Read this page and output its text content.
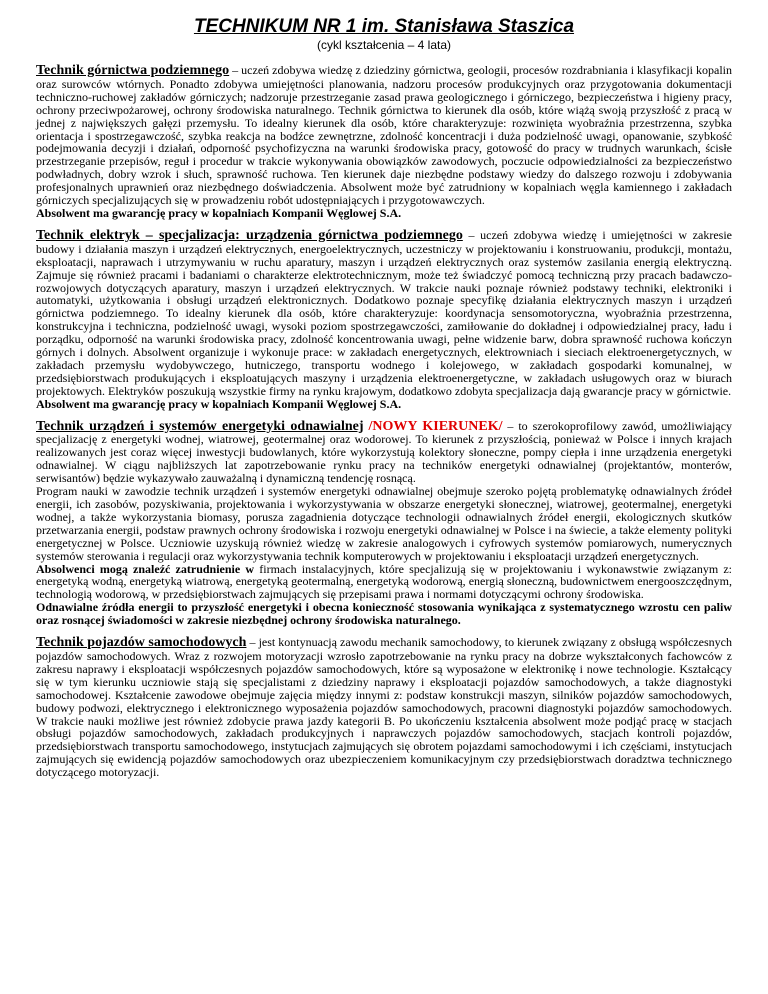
TECHNIKUM NR 1 im. Stanisława Staszica
(cykl kształcenia – 4 lata)

Technik górnictwa podziemnego – uczeń zdobywa wiedzę z dziedziny górnictwa, geologii, procesów rozdrabniania i klasyfikacji kopalin oraz surowców wtórnych. Ponadto zdobywa umiejętności planowania, nadzoru procesów produkcyjnych oraz przygotowania dokumentacji techniczno-ruchowej zakładów górniczych; nadzoruje przestrzeganie zasad prawa geologicznego i górniczego, bezpieczeństwa i higieny pracy, ochrony przeciwpożarowej, ochrony środowiska naturalnego. Technik górnictwa to kierunek dla osób, które wiążą swoją przyszłość z pracą w jednej z największych gałęzi przemysłu. To idealny kierunek dla osób, które charakteryzuje: rozwinięta wyobraźnia przestrzenna, szybka orientacja i spostrzegawczość, szybka reakcja na bodźce zewnętrzne, zdolność koncentracji i duża podzielność uwagi, opanowanie, szybkość podejmowania decyzji i działań, odporność psychofizyczna na warunki środowiska pracy, gotowość do pracy w trudnych warunkach, ścisłe przestrzeganie przepisów, reguł i procedur w trakcie wykonywania obowiązków zawodowych, poczucie odpowiedzialności za bezpieczeństwo podwładnych, dobry wzrok i słuch, sprawność ruchowa. Ten kierunek daje niezbędne podstawy wiedzy do dalszego rozwoju i zdobywania profesjonalnych uprawnień oraz niezbędnego doświadczenia. Absolwent może być zatrudniony w kopalniach węgla kamiennego i zakładach górniczych specjalizujących się w prowadzeniu robót udostępniających i przygotowawczych.

Absolwent ma gwarancję pracy w kopalniach Kompanii Węglowej S.A.

Technik elektryk – specjalizacja: urządzenia górnictwa podziemnego – uczeń zdobywa wiedzę i umiejętności w zakresie budowy i działania maszyn i urządzeń elektrycznych, energoelektrycznych, uczestniczy w projektowaniu i konstruowaniu, produkcji, montażu, eksploatacji, naprawach i utrzymywaniu w ruchu aparatury, maszyn i urządzeń elektrycznych oraz systemów zasilania energią elektryczną. Zajmuje się również pracami i badaniami o charakterze elektrotechnicznym, może też świadczyć pomocą techniczną przy pracach badawczo-rozwojowych dotyczących aparatury, maszyn i urządzeń elektrycznych. W trakcie nauki poznaje również podstawy techniki, elektroniki i automatyki, użytkowania i obsługi urządzeń elektronicznych. Dodatkowo poznaje specyfikę działania elektrycznych maszyn i urządzeń górnictwa podziemnego. To idealny kierunek dla osób, które charakteryzuje: koordynacja sensomotoryczna, wyobraźnia przestrzenna, konstrukcyjna i techniczna, podzielność uwagi, wysoki poziom spostrzegawczości, zamiłowanie do dokładnej i odpowiedzialnej pracy, ładu i porządku, odporność na warunki środowiska pracy, zdolność koncentrowania uwagi, pełne widzenie barw, dobra sprawność ruchowa kończyn górnych i dolnych. Absolwent organizuje i wykonuje prace: w zakładach energetycznych, elektrowniach i sieciach elektroenergetycznych, w zakładach przemysłu wydobywczego, hutniczego, transportu wodnego i kolejowego, w zakładach gospodarki komunalnej, w przedsiębiorstwach produkujących i eksploatujących maszyny i urządzenia elektroenergetyczne, w zakładach usługowych oraz w biurach projektowych. Elektryków poszukują wszystkie firmy na rynku krajowym, dodatkowo zdobyta specjalizacja dają gwarancje pracy w górnictwie.

Absolwent ma gwarancję pracy w kopalniach Kompanii Węglowej S.A.

Technik urządzeń i systemów energetyki odnawialnej /NOWY KIERUNEK/ – to szerokoprofilowy zawód, umożliwiający specjalizację z energetyki wodnej, wiatrowej, geotermalnej oraz wodorowej. To kierunek z przyszłością, ponieważ w Polsce i innych krajach realizowanych jest coraz więcej inwestycji budowlanych, które wykorzystują kolektory słoneczne, pompy ciepła i inne urządzenia energetyki odnawialnej. W ciągu najbliższych lat zapotrzebowanie rynku pracy na techników energetyki odnawialnej (projektantów, monterów, serwisantów) będzie wykazywało zauważalną i dynamiczną tendencję rosnącą.

Program nauki w zawodzie technik urządzeń i systemów energetyki odnawialnej obejmuje szeroko pojętą problematykę odnawialnych źródeł energii, ich zasobów, pozyskiwania, projektowania i wykorzystywania w obszarze energetyki słonecznej, wiatrowej, geotermalnej, energetyki wodnej, a także wykorzystania biomasy, porusza zagadnienia dotyczące technologii odnawialnych źródeł energii, ekologicznych skutków przetwarzania energii, podstaw prawnych ochrony środowiska i rozwoju energetyki odnawialnej w Polsce i na świecie, a także elementy polityki energetycznej w Polsce. Uczniowie uzyskują również wiedzę w zakresie analogowych i cyfrowych systemów pomiarowych, numerycznych systemów sterowania i regulacji oraz wykorzystywania technik komputerowych w projektowaniu i eksploatacji urządzeń energetycznych.

Absolwenci mogą znaleźć zatrudnienie w firmach instalacyjnych, które specjalizują się w projektowaniu i wykonawstwie związanym z: energetyką wodną, energetyką wiatrową, energetyką geotermalną, energetyką wodorową, energią słoneczną, budownictwem energooszczędnym, technologią wodorową, w przedsiębiorstwach zajmujących się przepisami prawa i normami dotyczącymi ochrony środowiska.

Odnawialne źródła energii to przyszłość energetyki i obecna konieczność stosowania wynikająca z systematycznego wzrostu cen paliw oraz rosnącej świadomości w zakresie niezbędnej ochrony środowiska naturalnego.

Technik pojazdów samochodowych – jest kontynuacją zawodu mechanik samochodowy, to kierunek związany z obsługą współczesnych pojazdów samochodowych. Wraz z rozwojem motoryzacji wzrosło zapotrzebowanie na rynku pracy na dobrze wykształconych fachowców z zakresu naprawy i eksploatacji współczesnych pojazdów samochodowych, które są wyposażone w elektronikę i nowe technologie. Kształcący się w tym kierunku uczniowie stają się specjalistami z dziedziny naprawy i eksploatacji pojazdów samochodowych, a także diagnostyki samochodowej. Kształcenie zawodowe obejmuje zajęcia między innymi z: podstaw konstrukcji maszyn, silników pojazdów samochodowych, budowy podwozi, elektrycznego i elektronicznego wyposażenia pojazdów samochodowych, pracowni diagnostyki pojazdów samochodowych. W trakcie nauki możliwe jest również zdobycie prawa jazdy kategorii B. Po ukończeniu kształcenia absolwent może podjąć pracę w stacjach obsługi pojazdów samochodowych, zakładach produkcyjnych i naprawczych pojazdów samochodowych, stacjach kontroli pojazdów, przedsiębiorstwach transportu samochodowego, instytucjach zajmujących się obrotem pojazdami samochodowymi i ich częściami, instytucjach zajmujących się ewidencją pojazdów samochodowych oraz ubezpieczeniem komunikacyjnym czy przedsiębiorstwach doradztwa technicznego dotyczącego motoryzacji.
